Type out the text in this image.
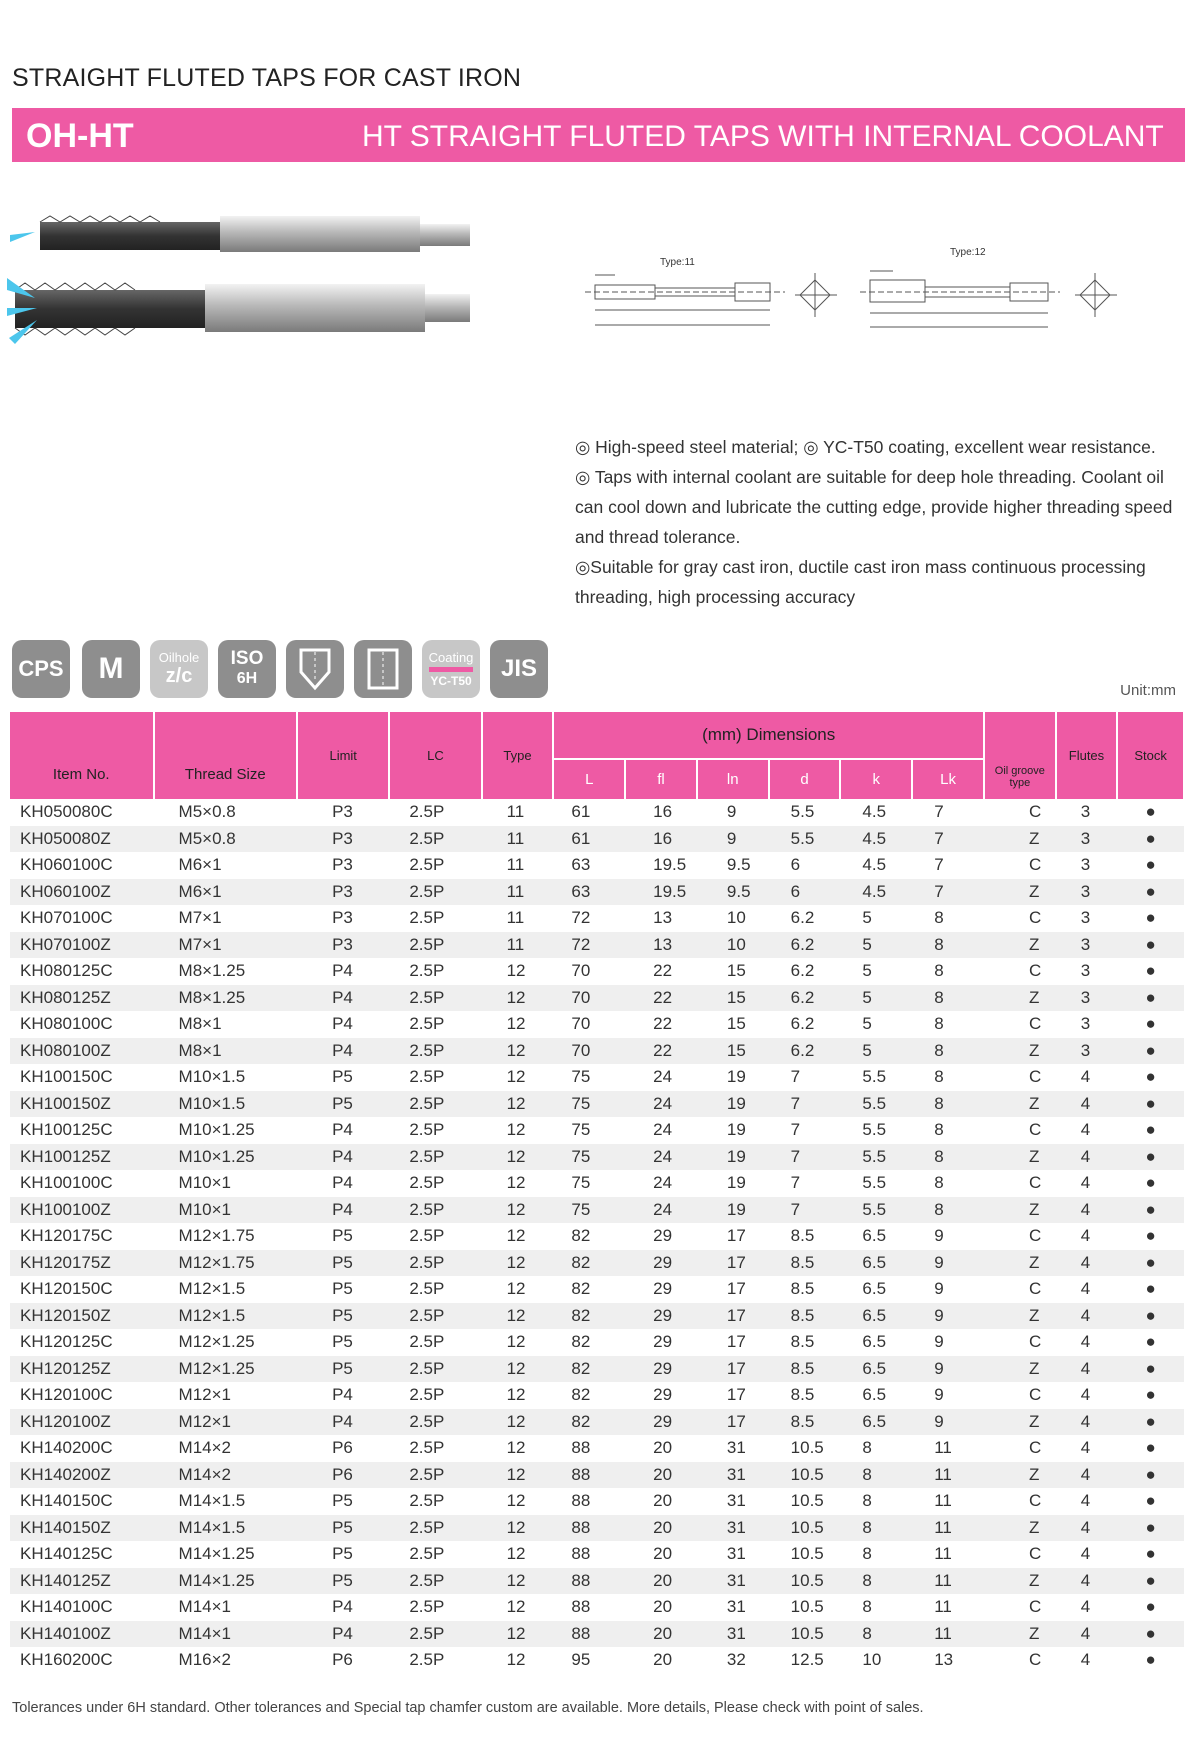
STRAIGHT FLUTED TAPS FOR CAST IRON
OH-HT	HT STRAIGHT FLUTED TAPS WITH INTERNAL COOLANT
Type:11
Type:12

◎ High-speed steel material; ◎ YC-T50 coating, excellent wear resistance.

◎ Taps with internal coolant are suitable for deep hole threading. Coolant oil can cool down and lubricate the cutting edge, provide higher threading speed and thread tolerance.

◎Suitable for gray cast iron, ductile cast iron mass continuous processing threading, high processing accuracy

CPS	M	Oilhole
z/c
ISO
6H
Coating
YC-T50	JIS
Unit:mm
Item No.	Thread Size	Limit	LC	Type	(mm) Dimensions						Oil groove type	Flutes	Stock
					L	fl	ln	d	k	Lk			
KH050080C	M5×0.8	P3	2.5P	11	61	16	9	5.5	4.5	7	C	3	●
KH050080Z	M5×0.8	P3	2.5P	11	61	16	9	5.5	4.5	7	Z	3	●
KH060100C	M6×1	P3	2.5P	11	63	19.5	9.5	6	4.5	7	C	3	●
KH060100Z	M6×1	P3	2.5P	11	63	19.5	9.5	6	4.5	7	Z	3	●
KH070100C	M7×1	P3	2.5P	11	72	13	10	6.2	5	8	C	3	●
KH070100Z	M7×1	P3	2.5P	11	72	13	10	6.2	5	8	Z	3	●
KH080125C	M8×1.25	P4	2.5P	12	70	22	15	6.2	5	8	C	3	●
KH080125Z	M8×1.25	P4	2.5P	12	70	22	15	6.2	5	8	Z	3	●
KH080100C	M8×1	P4	2.5P	12	70	22	15	6.2	5	8	C	3	●
KH080100Z	M8×1	P4	2.5P	12	70	22	15	6.2	5	8	Z	3	●
KH100150C	M10×1.5	P5	2.5P	12	75	24	19	7	5.5	8	C	4	●
KH100150Z	M10×1.5	P5	2.5P	12	75	24	19	7	5.5	8	Z	4	●
KH100125C	M10×1.25	P4	2.5P	12	75	24	19	7	5.5	8	C	4	●
KH100125Z	M10×1.25	P4	2.5P	12	75	24	19	7	5.5	8	Z	4	●
KH100100C	M10×1	P4	2.5P	12	75	24	19	7	5.5	8	C	4	●
KH100100Z	M10×1	P4	2.5P	12	75	24	19	7	5.5	8	Z	4	●
KH120175C	M12×1.75	P5	2.5P	12	82	29	17	8.5	6.5	9	C	4	●
KH120175Z	M12×1.75	P5	2.5P	12	82	29	17	8.5	6.5	9	Z	4	●
KH120150C	M12×1.5	P5	2.5P	12	82	29	17	8.5	6.5	9	C	4	●
KH120150Z	M12×1.5	P5	2.5P	12	82	29	17	8.5	6.5	9	Z	4	●
KH120125C	M12×1.25	P5	2.5P	12	82	29	17	8.5	6.5	9	C	4	●
KH120125Z	M12×1.25	P5	2.5P	12	82	29	17	8.5	6.5	9	Z	4	●
KH120100C	M12×1	P4	2.5P	12	82	29	17	8.5	6.5	9	C	4	●
KH120100Z	M12×1	P4	2.5P	12	82	29	17	8.5	6.5	9	Z	4	●
KH140200C	M14×2	P6	2.5P	12	88	20	31	10.5	8	11	C	4	●
KH140200Z	M14×2	P6	2.5P	12	88	20	31	10.5	8	11	Z	4	●
KH140150C	M14×1.5	P5	2.5P	12	88	20	31	10.5	8	11	C	4	●
KH140150Z	M14×1.5	P5	2.5P	12	88	20	31	10.5	8	11	Z	4	●
KH140125C	M14×1.25	P5	2.5P	12	88	20	31	10.5	8	11	C	4	●
KH140125Z	M14×1.25	P5	2.5P	12	88	20	31	10.5	8	11	Z	4	●
KH140100C	M14×1	P4	2.5P	12	88	20	31	10.5	8	11	C	4	●
KH140100Z	M14×1	P4	2.5P	12	88	20	31	10.5	8	11	Z	4	●
KH160200C	M16×2	P6	2.5P	12	95	20	32	12.5	10	13	C	4	●
Tolerances under 6H standard. Other tolerances and Special tap chamfer custom are available. More details, Please check with point of sales.
